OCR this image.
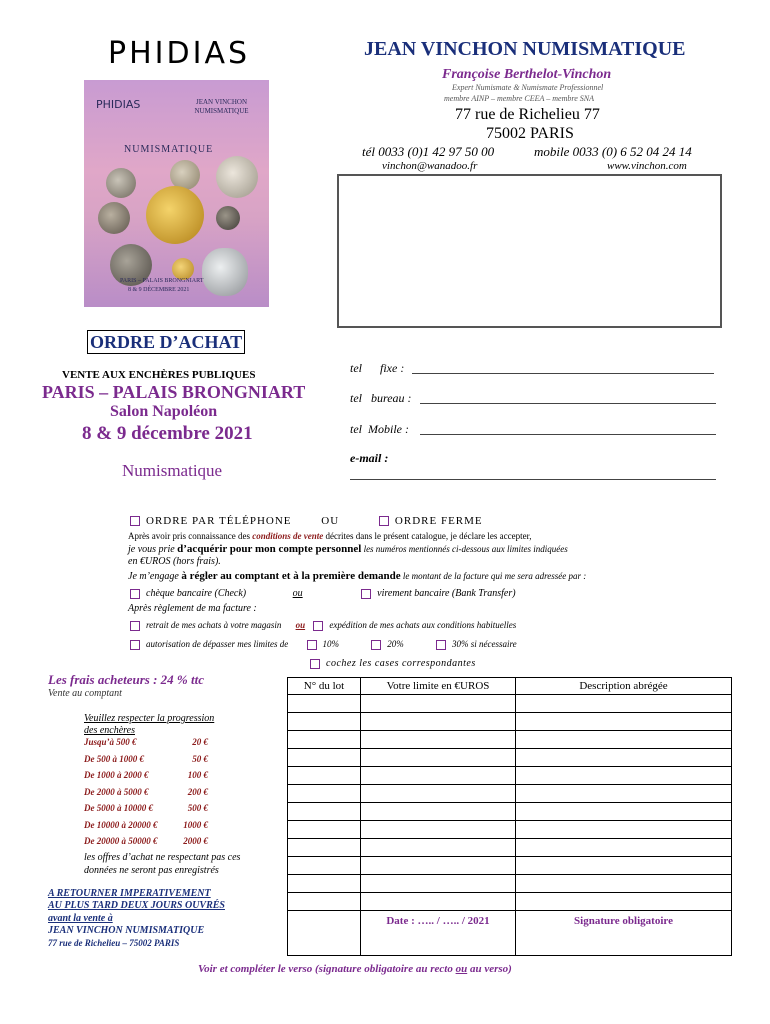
PHIDIAS
PHIDIAS	JEAN VINCHON NUMISMATIQUE
NUMISMATIQUE
PARIS – PALAIS BRONGNIART
8 & 9 DÉCEMBRE 2021
JEAN VINCHON NUMISMATIQUE
Françoise Berthelot-Vinchon
Expert Numismate & Numismate Professionnel
membre AINP – membre CEEA – membre SNA
77 rue de Richelieu 77
75002 PARIS
tél 0033 (0)1 42 97 50 00	mobile 0033 (0) 6 52 04 24 14
vinchon@wanadoo.fr	www.vinchon.com
ORDRE D’ACHAT
VENTE AUX ENCHÈRES PUBLIQUES
PARIS – PALAIS BRONGNIART
Salon Napoléon
8 & 9 décembre 2021
Numismatique
tel      fixe :
tel   bureau :
tel  Mobile :
e-mail :
ORDRE PAR TÉLÉPHONE	OU	ORDRE FERME
Après avoir pris connaissance des conditions de vente décrites dans le présent catalogue, je déclare les accepter,
je vous prie d’acquérir pour mon compte personnel les numéros mentionnés ci-dessous aux limites indiquées
en €UROS (hors frais).
Je m’engage à régler au comptant et à la première demande le montant de la facture qui me sera adressée par :
chèque bancaire (Check)	ou	virement bancaire (Bank Transfer)
Après règlement de ma facture :
retrait de mes achats à votre magasin ou	expédition de mes achats aux conditions habituelles
autorisation de dépasser mes limites de	10%	20%	30% si nécessaire
cochez les cases correspondantes
Les frais acheteurs : 24 % ttc
Vente au comptant
Veuillez respecter la progression
des enchères
Jusqu’à 500 €	20 €
De 500 à 1000 €	50 €
De 1000 à 2000 €	100 €
De 2000 à 5000 €	200 €
De 5000 à 10000 €	500 €
De 10000 à 20000 €	1000 €
De 20000 à 50000 €	2000 €
les offres d’achat ne respectant pas ces
données ne seront pas enregistrés
A RETOURNER IMPERATIVEMENT
AU PLUS TARD DEUX JOURS OUVRÉS
avant la vente à
JEAN VINCHON NUMISMATIQUE
77 rue de Richelieu – 75002 PARIS
N° du lot	Votre limite en €UROS	Description abrégée

	Date : ….. / ….. / 2021	Signature obligatoire
Voir et compléter le verso (signature obligatoire au recto ou au verso)
